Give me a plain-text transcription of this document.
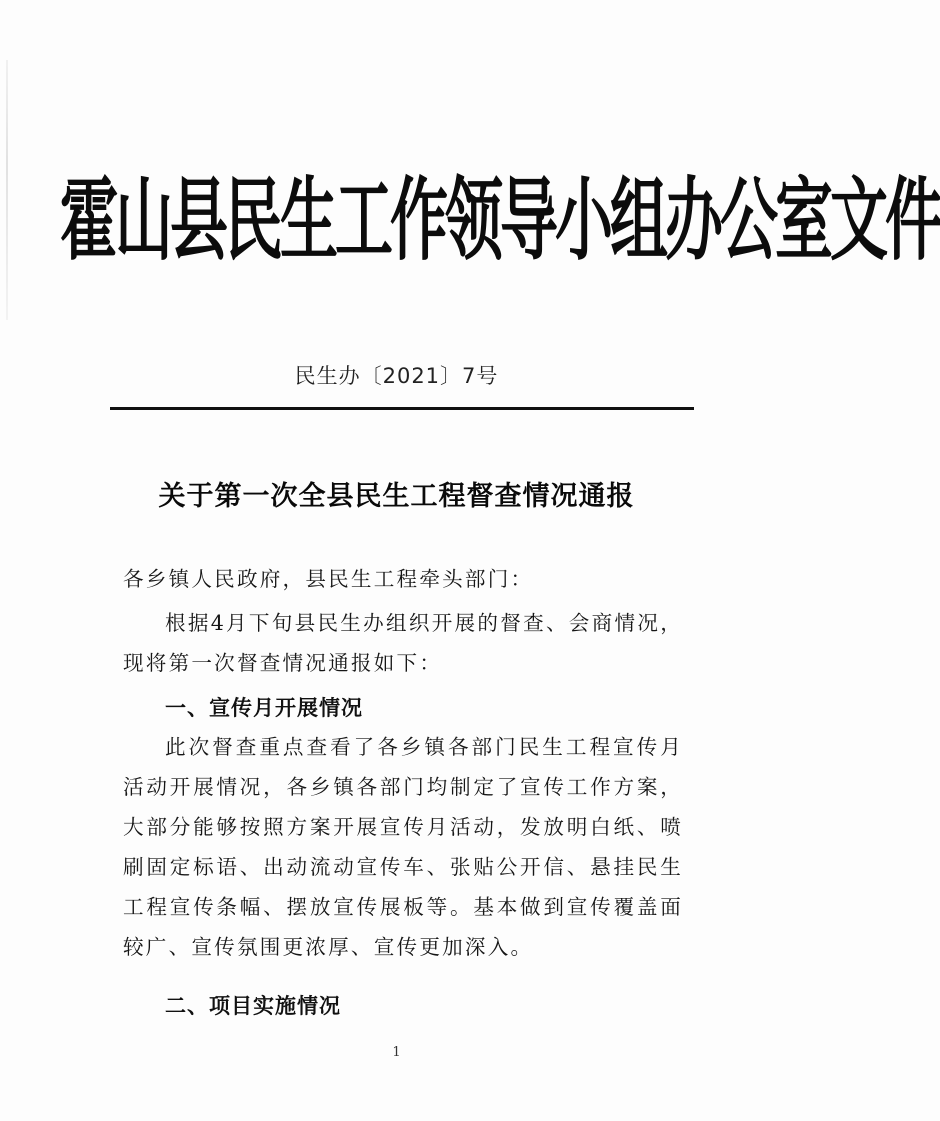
霍山县民生工作领导小组办公室文件
民生办〔2021〕7号
关于第一次全县民生工程督查情况通报

各乡镇人民政府，县民生工程牵头部门：

根据4月下旬县民生办组织开展的督查、会商情况，现将第一次督查情况通报如下：

一、宣传月开展情况

此次督查重点查看了各乡镇各部门民生工程宣传月活动开展情况，各乡镇各部门均制定了宣传工作方案，大部分能够按照方案开展宣传月活动，发放明白纸、喷刷固定标语、出动流动宣传车、张贴公开信、悬挂民生工程宣传条幅、摆放宣传展板等。基本做到宣传覆盖面较广、宣传氛围更浓厚、宣传更加深入。

二、项目实施情况
1
